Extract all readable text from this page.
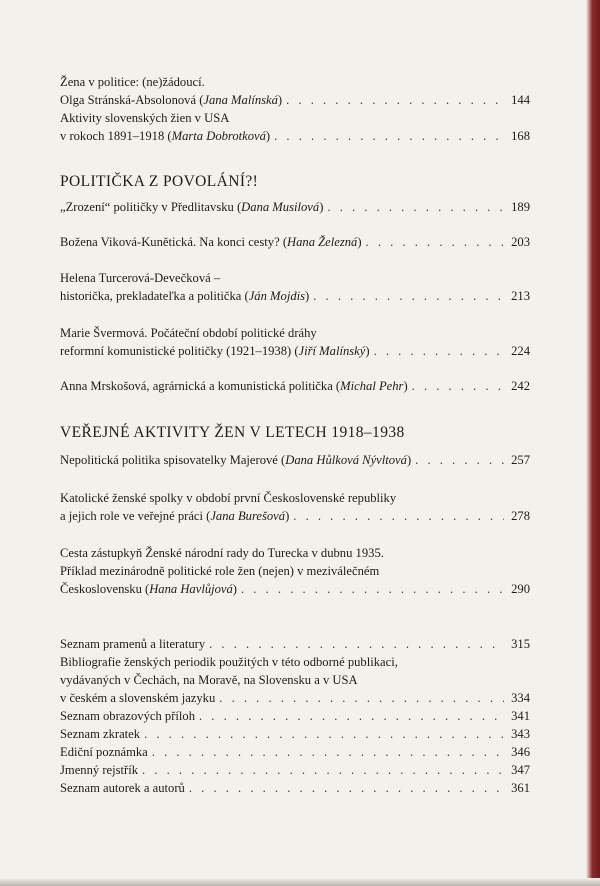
Žena v politice: (ne)žádoucí.
Olga Stránská-Absolonová (Jana Malínská) . . .	144
Aktivity slovenských žien v USA
v rokoch 1891–1918 (Marta Dobrotková) . . .	168
POLITIČKA Z POVOLÁNÍ?!
„Zrození“ političky v Předlitavsku (Dana Musilová) . . .	189
Božena Viková-Kunětická. Na konci cesty? (Hana Železná) . . .	203
Helena Turcerová-Devečková –
historička, prekladateľka a politička (Ján Mojdis) . . .	213
Marie Švermová. Počáteční období politické dráhy
reformní komunistické političky (1921–1938) (Jiří Malínský) . . .	224
Anna Mrskošová, agrárnická a komunistická politička (Michal Pehr) . . .	242
VEŘEJNÉ AKTIVITY ŽEN V LETECH 1918–1938
Nepolitická politika spisovatelky Majerové (Dana Hůlková Nývltová) . . .	257
Katolické ženské spolky v období první Československé republiky
a jejich role ve veřejné práci (Jana Burešová) . . .	278
Cesta zástupkyň Ženské národní rady do Turecka v dubnu 1935.
Příklad mezinárodně politické role žen (nejen) v meziválečném
Československu (Hana Havlůjová) . . .	290
Seznam pramenů a literatury . . .	315
Bibliografie ženských periodik použitých v této odborné publikaci,
vydávaných v Čechách, na Moravě, na Slovensku a v USA
v českém a slovenském jazyku . . .	334
Seznam obrazových příloh . . .	341
Seznam zkratek . . .	343
Ediční poznámka . . .	346
Jmenný rejstřík . . .	347
Seznam autorek a autorů . . .	361
